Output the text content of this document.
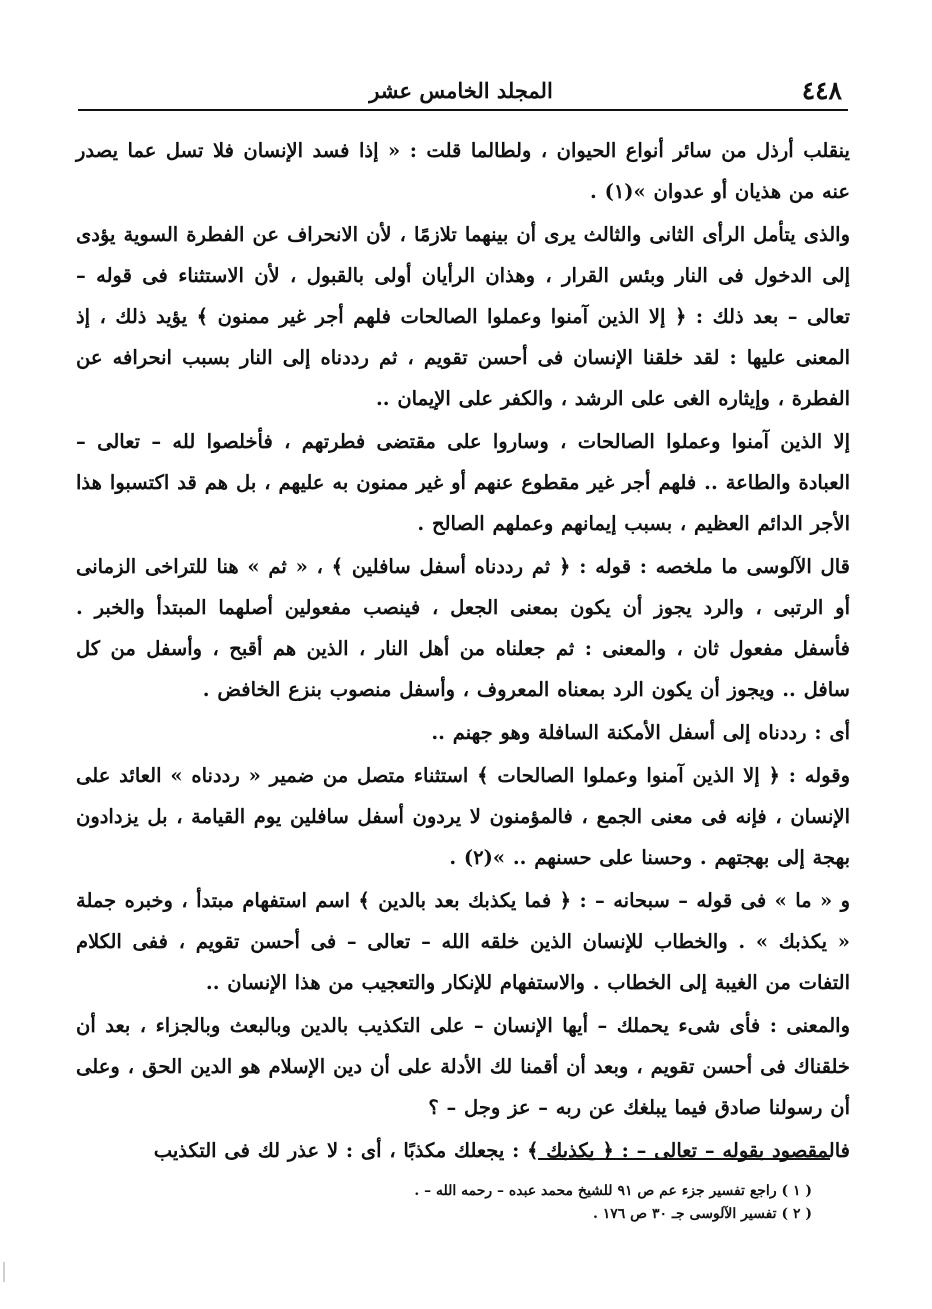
٤٤٨
المجلد الخامس عشر

ينقلب أرذل من سائر أنواع الحيوان ، ولطالما قلت : « إذا فسد الإنسان فلا تسل عما يصدر عنه من هذيان أو عدوان »(١) .

والذى يتأمل الرأى الثانى والثالث يرى أن بينهما تلازمًا ، لأن الانحراف عن الفطرة السوية يؤدى إلى الدخول فى النار وبئس القرار ، وهذان الرأيان أولى بالقبول ، لأن الاستثناء فى قوله – تعالى – بعد ذلك : ﴿ إلا الذين آمنوا وعملوا الصالحات فلهم أجر غير ممنون ﴾ يؤيد ذلك ، إذ المعنى عليها : لقد خلقنا الإنسان فى أحسن تقويم ، ثم رددناه إلى النار بسبب انحرافه عن الفطرة ، وإيثاره الغى على الرشد ، والكفر على الإيمان ..

إلا الذين آمنوا وعملوا الصالحات ، وساروا على مقتضى فطرتهم ، فأخلصوا لله – تعالى – العبادة والطاعة .. فلهم أجر غير مقطوع عنهم أو غير ممنون به عليهم ، بل هم قد اكتسبوا هذا الأجر الدائم العظيم ، بسبب إيمانهم وعملهم الصالح .

قال الآلوسى ما ملخصه : قوله : ﴿ ثم رددناه أسفل سافلين ﴾ ، « ثم » هنا للتراخى الزمانى أو الرتبى ، والرد يجوز أن يكون بمعنى الجعل ، فينصب مفعولين أصلهما المبتدأ والخبر . فأسفل مفعول ثان ، والمعنى : ثم جعلناه من أهل النار ، الذين هم أقبح ، وأسفل من كل سافل .. ويجوز أن يكون الرد بمعناه المعروف ، وأسفل منصوب بنزع الخافض .

أى : رددناه إلى أسفل الأمكنة السافلة وهو جهنم ..

وقوله : ﴿ إلا الذين آمنوا وعملوا الصالحات ﴾ استثناء متصل من ضمير « رددناه » العائد على الإنسان ، فإنه فى معنى الجمع ، فالمؤمنون لا يردون أسفل سافلين يوم القيامة ، بل يزدادون بهجة إلى بهجتهم . وحسنا على حسنهم .. »(٢) .

و « ما » فى قوله – سبحانه – : ﴿ فما يكذبك بعد بالدين ﴾ اسم استفهام مبتدأ ، وخبره جملة « يكذبك » . والخطاب للإنسان الذين خلقه الله – تعالى – فى أحسن تقويم ، ففى الكلام التفات من الغيبة إلى الخطاب . والاستفهام للإنكار والتعجيب من هذا الإنسان ..

والمعنى : فأى شىء يحملك – أيها الإنسان – على التكذيب بالدين وبالبعث وبالجزاء ، بعد أن خلقناك فى أحسن تقويم ، وبعد أن أقمنا لك الأدلة على أن دين الإسلام هو الدين الحق ، وعلى أن رسولنا صادق فيما يبلغك عن ربه – عز وجل – ؟

فالمقصود بقوله – تعالى – : ﴿ يكذبك ﴾ : يجعلك مكذبًا ، أى : لا عذر لك فى التكذيب

( ١ ) راجع تفسير جزء عم ص ٩١ للشيخ محمد عبده – رحمه الله – .

( ٢ ) تفسير الآلوسى جـ ٣٠ ص ١٧٦ .
